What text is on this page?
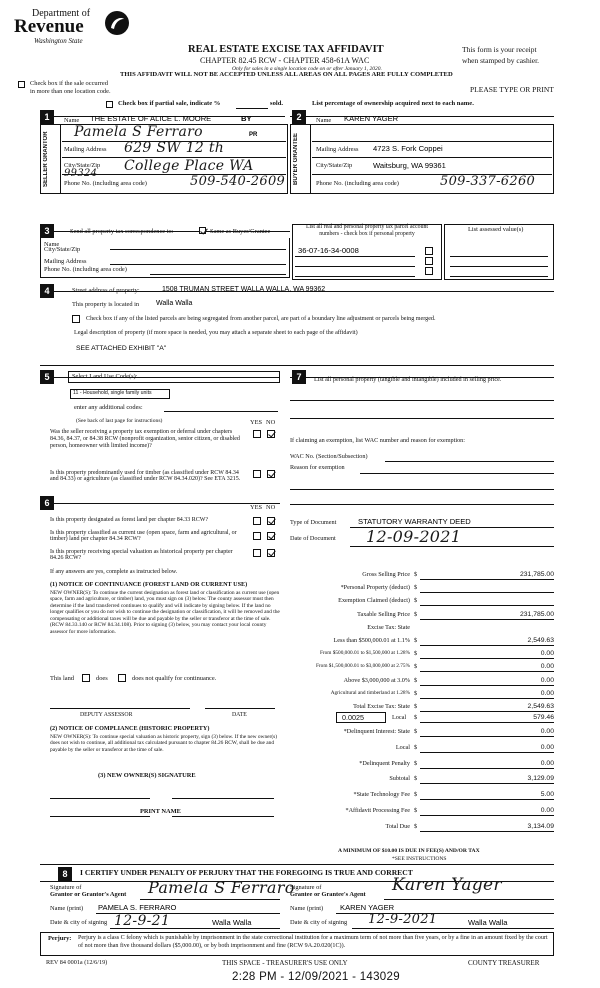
Department of
Revenue
Washington State
REAL ESTATE EXCISE TAX AFFIDAVIT
CHAPTER 82.45 RCW - CHAPTER 458-61A WAC
Only for sales in a single location code on or after January 1, 2020.
THIS AFFIDAVIT WILL NOT BE ACCEPTED UNLESS ALL AREAS ON ALL PAGES ARE FULLY COMPLETED
This form is your receipt
when stamped by cashier.
PLEASE TYPE OR PRINT
Check box if the sale occurred
in more than one location code.
Check box if partial sale, indicate %	sold.	List percentage of ownership acquired next to each name.
1	2
SELLER GRANTOR
Name THE ESTATE OF ALICE L. MOORE	BY
Pamela S Ferraro	PR
Mailing Address 629 SW 12 th
City/State/Zip
99324 College Place WA
Phone No. (including area code)	509-540-2609 BUYER GRANTEE
Name KAREN YAGER
Mailing Address 4723 S. Fork Coppei
City/State/Zip	Waitsburg, WA 99361
Phone No. (including area code)	509-337-6260
3	Send all property tax correspondence to:	Same as Buyer/Grantee
Name
Mailing Address
City/State/Zip
Phone No. (including area code)
List all real and personal property tax parcel account numbers - check box if personal property
36-07-16-34-0008
List assessed value(s)
4	Street address of property:	1508 TRUMAN STREET WALLA WALLA, WA 99362
This property is located in Walla Walla
Check box if any of the listed parcels are being segregated from another parcel, are part of a boundary line adjustment or parcels being merged.
Legal description of property (if more space is needed, you may attach a separate sheet to each page of the affidavit)
SEE ATTACHED EXHIBIT "A"
5	Select Land Use Code(s):
11 - Household, single family units
enter any additional codes:
(See back of last page for instructions)	YES NO
Was the seller receiving a property tax exemption or deferral under chapters 84.36, 84.37, or 84.38 RCW (nonprofit organization, senior citizen, or disabled person, homeowner with limited income)?
Is this property predominantly used for timber (as classified under RCW 84.34 and 84.33) or agriculture (as classified under RCW 84.34.020)? See ETA 3215.
6	YES NO
Is this property designated as forest land per chapter 84.33 RCW?
Is this property classified as current use (open space, farm and agricultural, or timber) land per chapter 84.34 RCW?
Is this property receiving special valuation as historical property per chapter 84.26 RCW?
If any answers are yes, complete as instructed below.
(1) NOTICE OF CONTINUANCE (FOREST LAND OR CURRENT USE)
NEW OWNER(S): To continue the current designation as forest land or classification as current use (open space, farm and agriculture, or timber) land, you must sign on (3) below. The county assessor must then determine if the land transferred continues to qualify and will indicate by signing below. If the land no longer qualifies or you do not wish to continue the designation or classification, it will be removed and the compensating or additional taxes will be due and payable by the seller or transferor at the time of sale. (RCW 84.33.140 or RCW 84.34.108). Prior to signing (3) below, you may contact your local county assessor for more information.
This land	does	does not qualify for continuance.
DEPUTY ASSESSOR	DATE
(2) NOTICE OF COMPLIANCE (HISTORIC PROPERTY)
NEW OWNER(S): To continue special valuation as historic property, sign (3) below. If the new owner(s) does not wish to continue, all additional tax calculated pursuant to chapter 84.26 RCW, shall be due and payable by the seller or transferor at the time of sale.
(3) NEW OWNER(S) SIGNATURE
PRINT NAME
7	List all personal property (tangible and intangible) included in selling price.
If claiming an exemption, list WAC number and reason for exemption:
WAC No. (Section/Subsection)
Reason for exemption
Type of Document	STATUTORY WARRANTY DEED
Date of Document 12-09-2021
Gross Selling Price $	231,785.00
*Personal Property (deduct) $
Exemption Claimed (deduct) $
Taxable Selling Price $	231,785.00
Excise Tax: State
Less than $500,000.01 at 1.1% $	2,549.63
From $500,000.01 to $1,500,000 at 1.28% $	0.00
From $1,500,000.01 to $3,000,000 at 2.75% $	0.00
Above $3,000,000 at 3.0% $	0.00
Agricultural and timberland at 1.28% $	0.00
Total Excise Tax: State $	2,549.63
0.0025	Local $	579.46
*Delinquent Interest: State $	0.00
Local $	0.00
*Delinquent Penalty $	0.00
Subtotal $	3,129.09
*State Technology Fee $	5.00
*Affidavit Processing Fee $	0.00
Total Due $	3,134.09
A MINIMUM OF $10.00 IS DUE IN FEE(S) AND/OR TAX
*SEE INSTRUCTIONS
8	I CERTIFY UNDER PENALTY OF PERJURY THAT THE FOREGOING IS TRUE AND CORRECT
Signature of
Grantor or Grantor's Agent Pamela S Ferraro
Name (print) PAMELA S. FERRARO
Date & city of signing 12-9-21	Walla Walla
Signature of
Grantee or Grantee's Agent Karen Yager
Name (print) KAREN YAGER
Date & city of signing 12-9-2021	Walla Walla
Perjury: Perjury is a class C felony which is punishable by imprisonment in the state correctional institution for a maximum term of not more than five years, or by a fine in an amount fixed by the court of not more than five thousand dollars ($5,000.00), or by both imprisonment and fine (RCW 9A.20.020(1C)).
REV 84 0001a (12/6/19)	THIS SPACE - TREASURER'S USE ONLY	COUNTY TREASURER
2:28 PM - 12/09/2021 - 143029
